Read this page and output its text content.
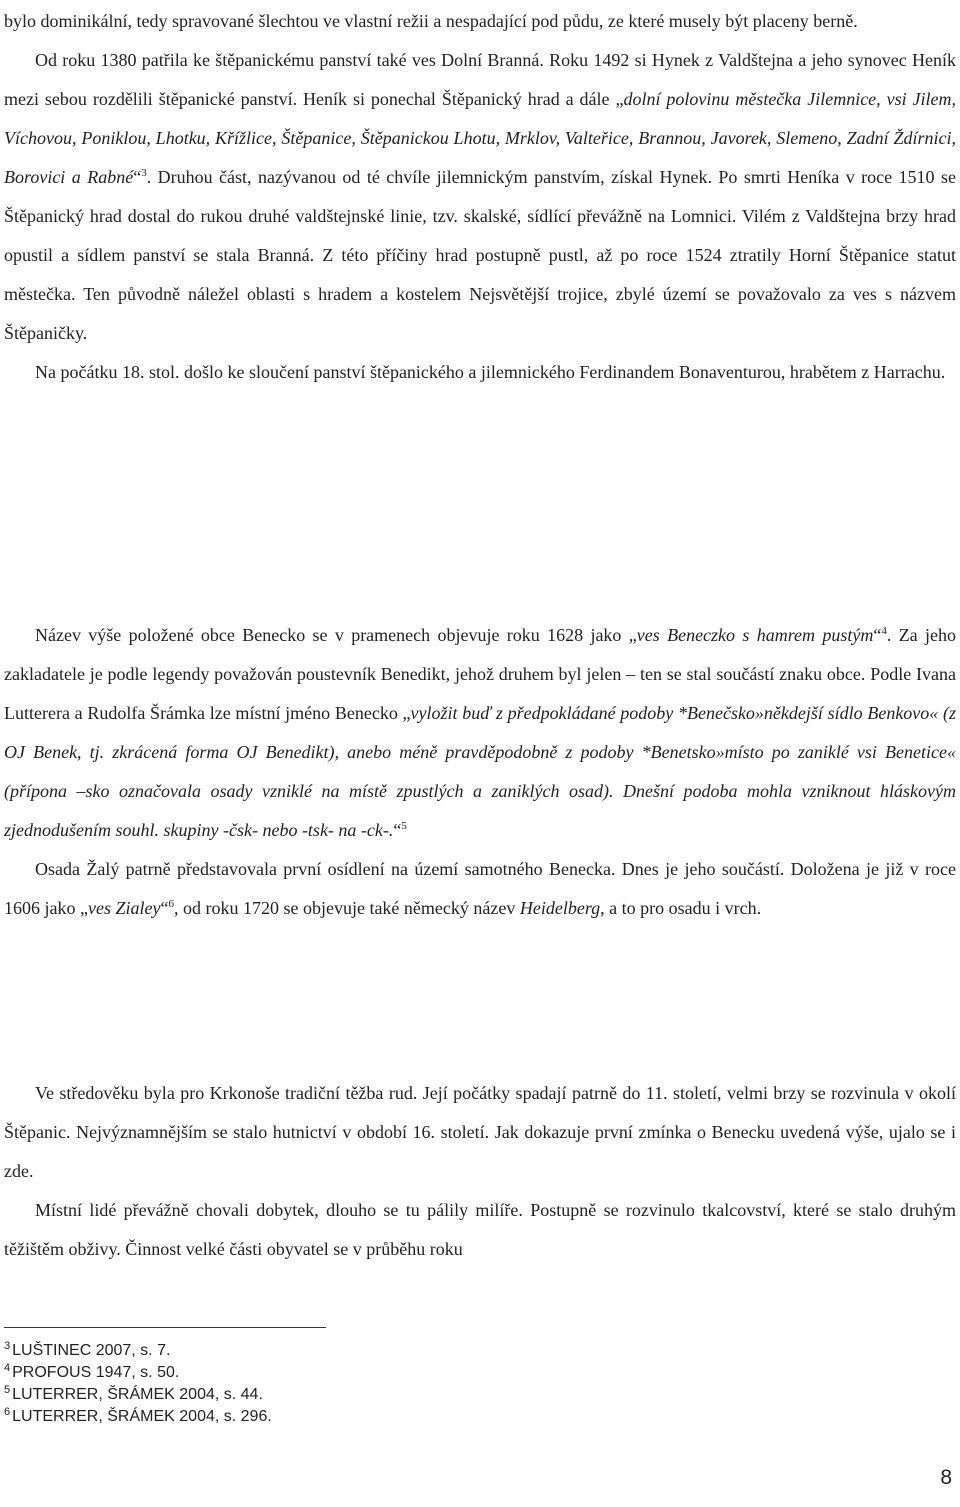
bylo dominikální, tedy spravované šlechtou ve vlastní režii a nespadající pod půdu, ze které musely být placeny berně.

Od roku 1380 patřila ke štěpanickému panství také ves Dolní Branná. Roku 1492 si Hynek z Valdštejna a jeho synovec Heník mezi sebou rozdělili štěpanické panství. Heník si ponechal Štěpanický hrad a dále „dolní polovinu městečka Jilemnice, vsi Jilem, Víchovou, Poniklou, Lhotku, Křížlice, Štěpanice, Štěpanickou Lhotu, Mrklov, Valteřice, Brannou, Javorek, Slemeno, Zadní Ždírnici, Borovici a Rabné“$^3$. Druhou část, nazývanou od té chvíle jilemnickým panstvím, získal Hynek. Po smrti Heníka v roce 1510 se Štěpanický hrad dostal do rukou druhé valdštejnské linie, tzv. skalské, sídlící převážně na Lomnici. Vilém z Valdštejna brzy hrad opustil a sídlem panství se stala Branná. Z této příčiny hrad postupně pustl, až po roce 1524 ztratily Horní Štěpanice statut městečka. Ten původně náležel oblasti s hradem a kostelem Nejsvětější trojice, zbylé území se považovalo za ves s názvem Štěpaničky.

Na počátku 18. stol. došlo ke sloučení panství štěpanického a jilemnického Ferdinandem Bonaventurou, hrabětem z Harrachu.

Název výše položené obce Benecko se v pramenech objevuje roku 1628 jako „ves Beneczko s hamrem pustým“$^4$. Za jeho zakladatele je podle legendy považován poustevník Benedikt, jehož druhem byl jelen – ten se stal součástí znaku obce. Podle Ivana Lutterera a Rudolfa Šrámka lze místní jméno Benecko „vyložit buď z předpokládané podoby *Benečsko»někdejší sídlo Benkovo« (z OJ Benek, tj. zkrácená forma OJ Benedikt), anebo méně pravděpodobně z podoby *Benetsko»místo po zaniklé vsi Benetice« (přípona –sko označovala osady vzniklé na místě zpustlých a zaniklých osad). Dnešní podoba mohla vzniknout hláskovým zjednodušením souhl. skupiny -čsk- nebo -tsk- na -ck-.“$^5$

Osada Žalý patrně představovala první osídlení na území samotného Benecka. Dnes je jeho součástí. Doložena je již v roce 1606 jako „ves Zialey“$^6$, od roku 1720 se objevuje také německý název Heidelberg, a to pro osadu i vrch.

Ve středověku byla pro Krkonoše tradiční těžba rud. Její počátky spadají patrně do 11. století, velmi brzy se rozvinula v okolí Štěpanic. Nejvýznamnějším se stalo hutnictví v období 16. století. Jak dokazuje první zmínka o Benecku uvedená výše, ujalo se i zde.

Místní lidé převážně chovali dobytek, dlouho se tu pálily milíře. Postupně se rozvinulo tkalcovství, které se stalo druhým těžištěm obživy. Činnost velké části obyvatel se v průběhu roku

$^3$ LUŠTINEC 2007, s. 7.

$^4$ PROFOUS 1947, s. 50.

$^5$ LUTERRER, ŠRÁMEK 2004, s. 44.

$^6$ LUTERRER, ŠRÁMEK 2004, s. 296.

8
